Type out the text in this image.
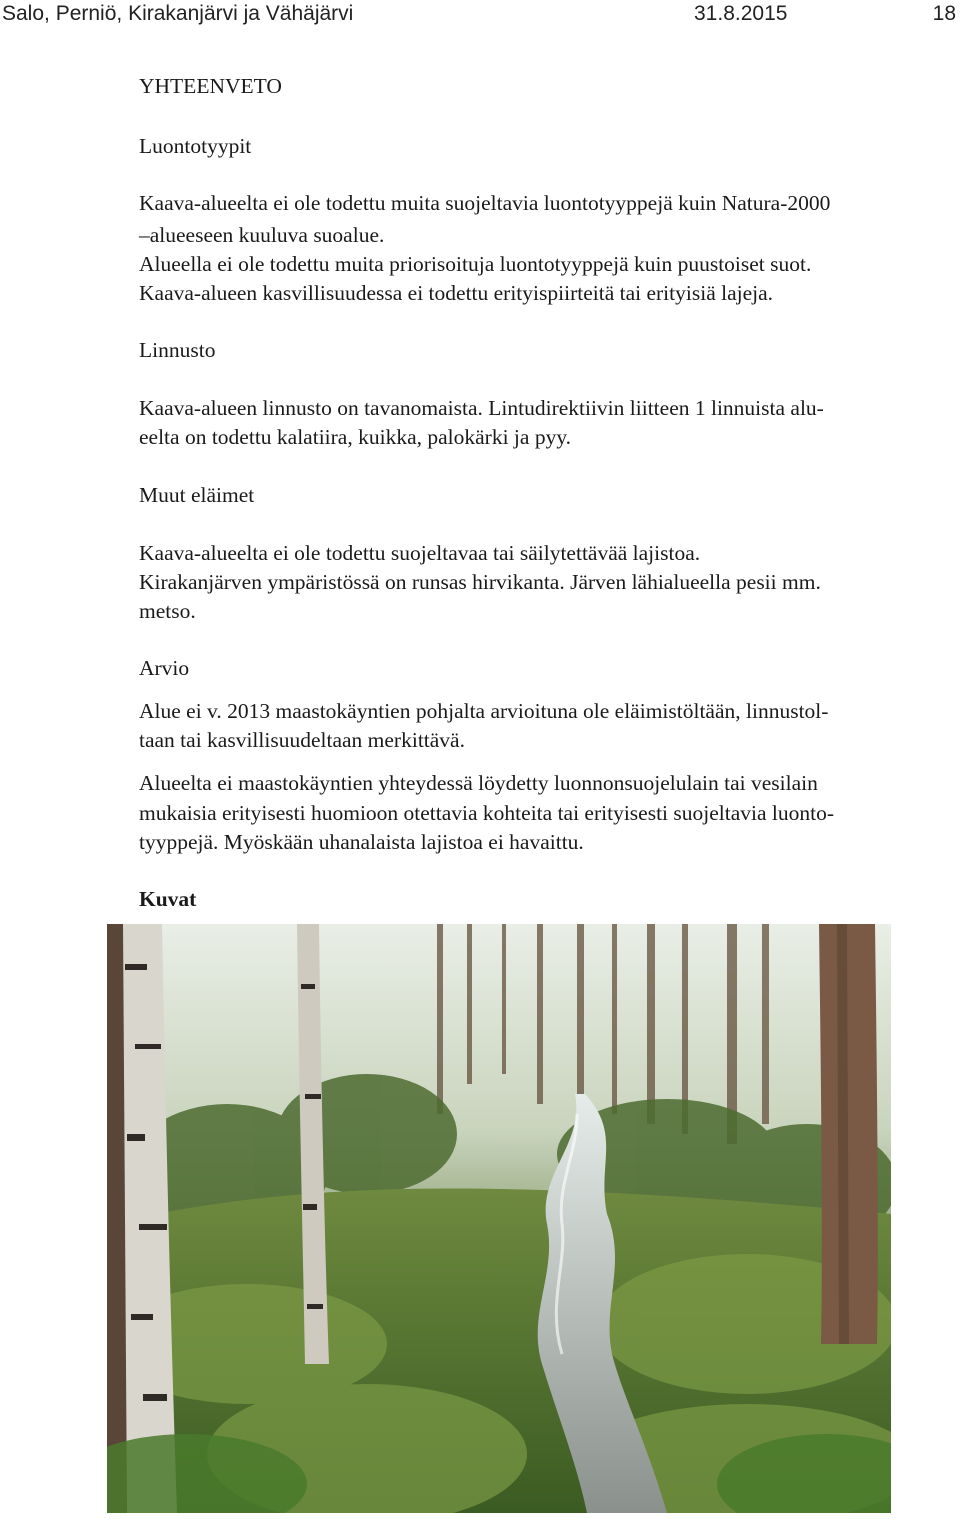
Salo, Perniö, Kirakanjärvi ja Vähäjärvi	31.8.2015	18
YHTEENVETO
Luontotyypit
Kaava-alueelta ei ole todettu muita suojeltavia luontotyyppejä kuin Natura-2000
–alueeseen kuuluva suoalue.
Alueella ei ole todettu muita priorisoituja luontotyyppejä kuin puustoiset suot.
Kaava-alueen kasvillisuudessa ei todettu erityispiirteitä tai erityisiä lajeja.
Linnusto
Kaava-alueen linnusto on tavanomaista. Lintudirektiivin liitteen 1 linnuista alu-
eelta on todettu kalatiira, kuikka, palokärki ja pyy.
Muut eläimet
Kaava-alueelta ei ole todettu suojeltavaa tai säilytettävää lajistoa.
Kirakanjärven ympäristössä on runsas hirvikanta. Järven lähialueella pesii mm.
metso.
Arvio
Alue ei v. 2013 maastokäyntien pohjalta arvioituna ole eläimistöltään, linnustol-
taan tai kasvillisuudeltaan merkittävä.
Alueelta ei maastokäyntien yhteydessä löydetty luonnonsuojelulain tai vesilain
mukaisia erityisesti huomioon otettavia kohteita tai erityisesti suojeltavia luonto-
tyyppejä. Myöskään uhanalaista lajistoa ei havaittu.
Kuvat
